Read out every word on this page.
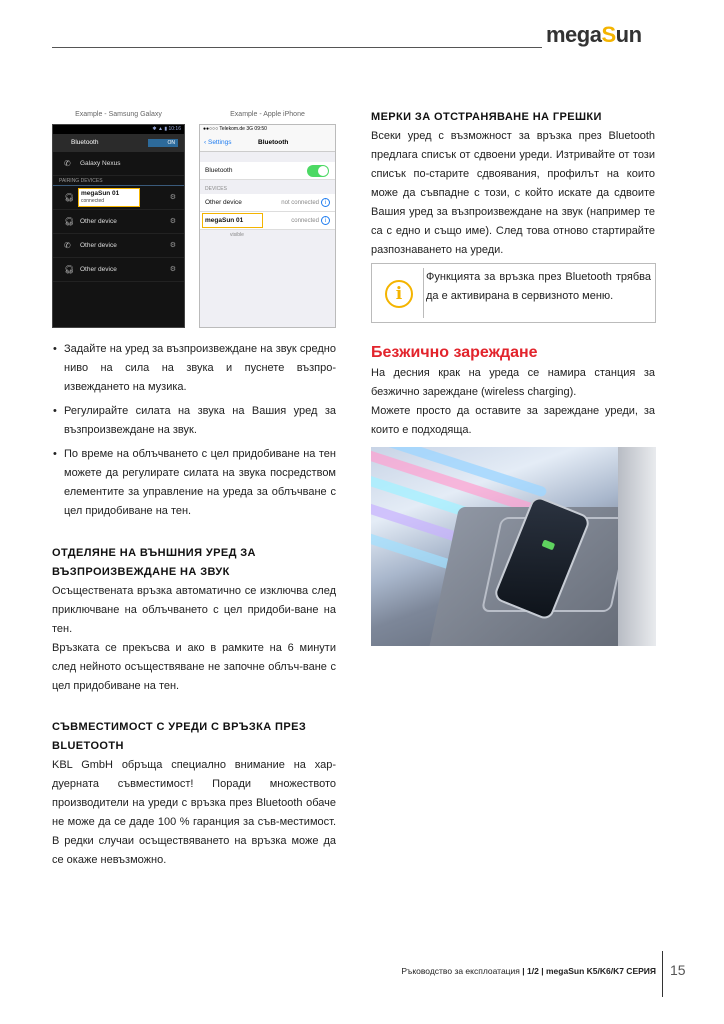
megaSun
Example - Samsung Galaxy	Example - Apple iPhone
✱ ▲ ▮ 10:16
Bluetooth	ON
✆ Galaxy Nexus
PAIRING DEVICES
🎧︎	megaSun 01
connected	⚙
🎧︎ Other device	⚙
✆ Other device	⚙
🎧︎ Other device	⚙
●●○○○ Telekom.de 3G 09:50
‹ Settings	Bluetooth
Bluetooth
DEVICES
Other device	not connected i
megaSun 01	connected i
visible
• Задайте на уред за възпроизвеждане на звук средно ниво на сила на звука и пуснете възпро-извеждането на музика.
• Регулирайте силата на звука на Вашия уред за възпроизвеждане на звук.
• По време на облъчването с цел придобиване на тен можете да регулирате силата на звука посредством елементите за управление на уреда за облъчване с цел придобиване на тен.
ОТДЕЛЯНЕ НА ВЪНШНИЯ УРЕД ЗА ВЪЗПРОИЗВЕЖДАНЕ НА ЗВУК
Осъществената връзка автоматично се изключва след приключване на облъчването с цел придоби-ване на тен.
Връзката се прекъсва и ако в рамките на 6 минути след нейното осъществяване не започне облъч-ване с цел придобиване на тен.
СЪВМЕСТИМОСТ С УРЕДИ С ВРЪЗКА ПРЕЗ BLUETOOTH
KBL GmbH обръща специално внимание на хар-дуерната съвместимост! Поради множеството производители на уреди с връзка през Bluetooth обаче не може да се даде 100 % гаранция за съв-местимост. В редки случаи осъществяването на връзка може да се окаже невъзможно.
МЕРКИ ЗА ОТСТРАНЯВАНЕ НА ГРЕШКИ
Всеки уред с възможност за връзка през Bluetooth предлага списък от сдвоени уреди. Изтривайте от този списък по-старите сдвоявания, профилът на които може да съвпадне с този, с който искате да сдвоите Вашия уред за възпроизвеждане на звук (например те са с едно и също име). След това отново стартирайте разпознаването на уреди.
i
Функцията за връзка през Bluetooth трябва да е активирана в сервизното меню.
Безжично зареждане
На десния крак на уреда се намира станция за безжично зареждане (wireless charging).
Можете просто да оставите за зареждане уреди, за които е подходяща.
Ръководство за експлоатация | 1/2 | megaSun K5/K6/K7 СЕРИЯ 15
